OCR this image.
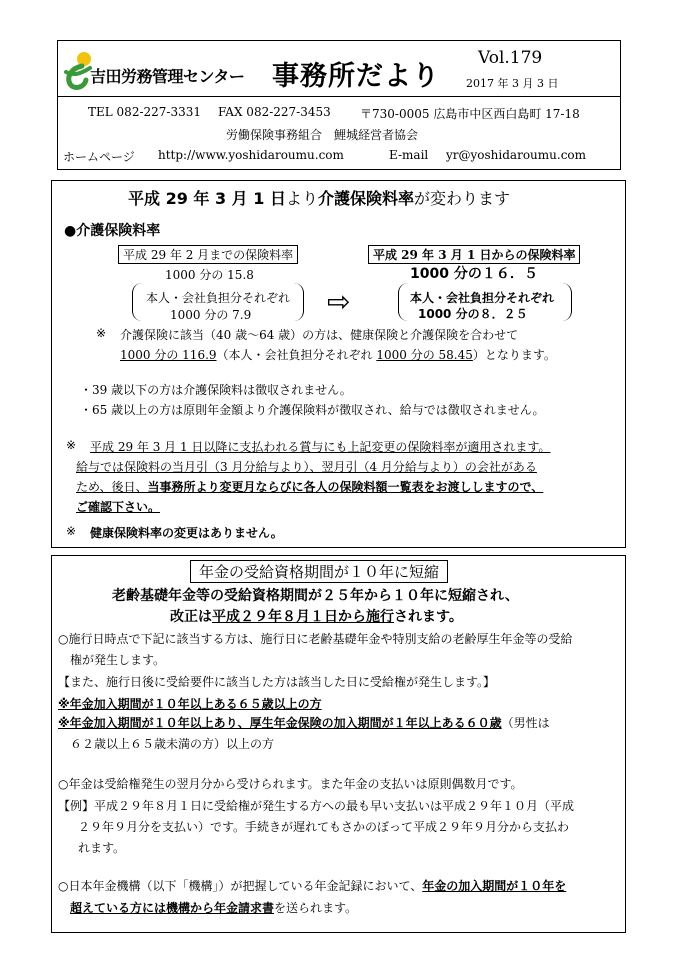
吉田労務管理センター 事務所だより
Vol.179
2017 年 3 月 3 日
TEL 082-227-3331 FAX 082-227-3453 〒730-0005 広島市中区西白島町 17-18
労働保険事務組合　鯉城経営者協会
ホームページ http://www.yoshidaroumu.com	E-mail yr@yoshidaroumu.com
平成 29 年 3 月 1 日より介護保険料率が変わります
●介護保険料率
平成 29 年 2 月までの保険料率
1000 分の 15.8
本人・会社負担分それぞれ
1000 分の 7.9	⇨
平成 29 年 3 月 1 日からの保険料率
1000 分の１６．５
本人・会社負担分それぞれ
1000 分の８．２５
※ 介護保険に該当（40 歳～64 歳）の方は、健康保険と介護保険を合わせて
1000 分の 116.9（本人・会社負担分それぞれ 1000 分の 58.45）となります。
・39 歳以下の方は介護保険料は徴収されません。
・65 歳以上の方は原則年金額より介護保険料が徴収され、給与では徴収されません。
※ 平成 29 年 3 月 1 日以降に支払われる賞与にも上記変更の保険料率が適用されます。
給与では保険料の当月引（3 月分給与より）、翌月引（4 月分給与より）の会社がある
ため、後日、当事務所より変更月ならびに各人の保険料額一覧表をお渡ししますので、
ご確認下さい。
※ 健康保険料率の変更はありません。
年金の受給資格期間が１０年に短縮
老齢基礎年金等の受給資格期間が２５年から１０年に短縮され、
改正は平成２９年８月１日から施行されます。
○施行日時点で下記に該当する方は、施行日に老齢基礎年金や特別支給の老齢厚生年金等の受給
権が発生します。
【また、施行日後に受給要件に該当した方は該当した日に受給権が発生します。】
※年金加入期間が１０年以上ある６５歳以上の方
※年金加入期間が１０年以上あり、厚生年金保険の加入期間が１年以上ある６０歳（男性は
６２歳以上６５歳未満の方）以上の方
○年金は受給権発生の翌月分から受けられます。また年金の支払いは原則偶数月です。
【例】平成２９年８月１日に受給権が発生する方への最も早い支払いは平成２９年１０月（平成
２９年９月分を支払い）です。手続きが遅れてもさかのぼって平成２９年９月分から支払わ
れます。
○日本年金機構（以下「機構」）が把握している年金記録において、年金の加入期間が１０年を
超えている方には機構から年金請求書を送られます。
